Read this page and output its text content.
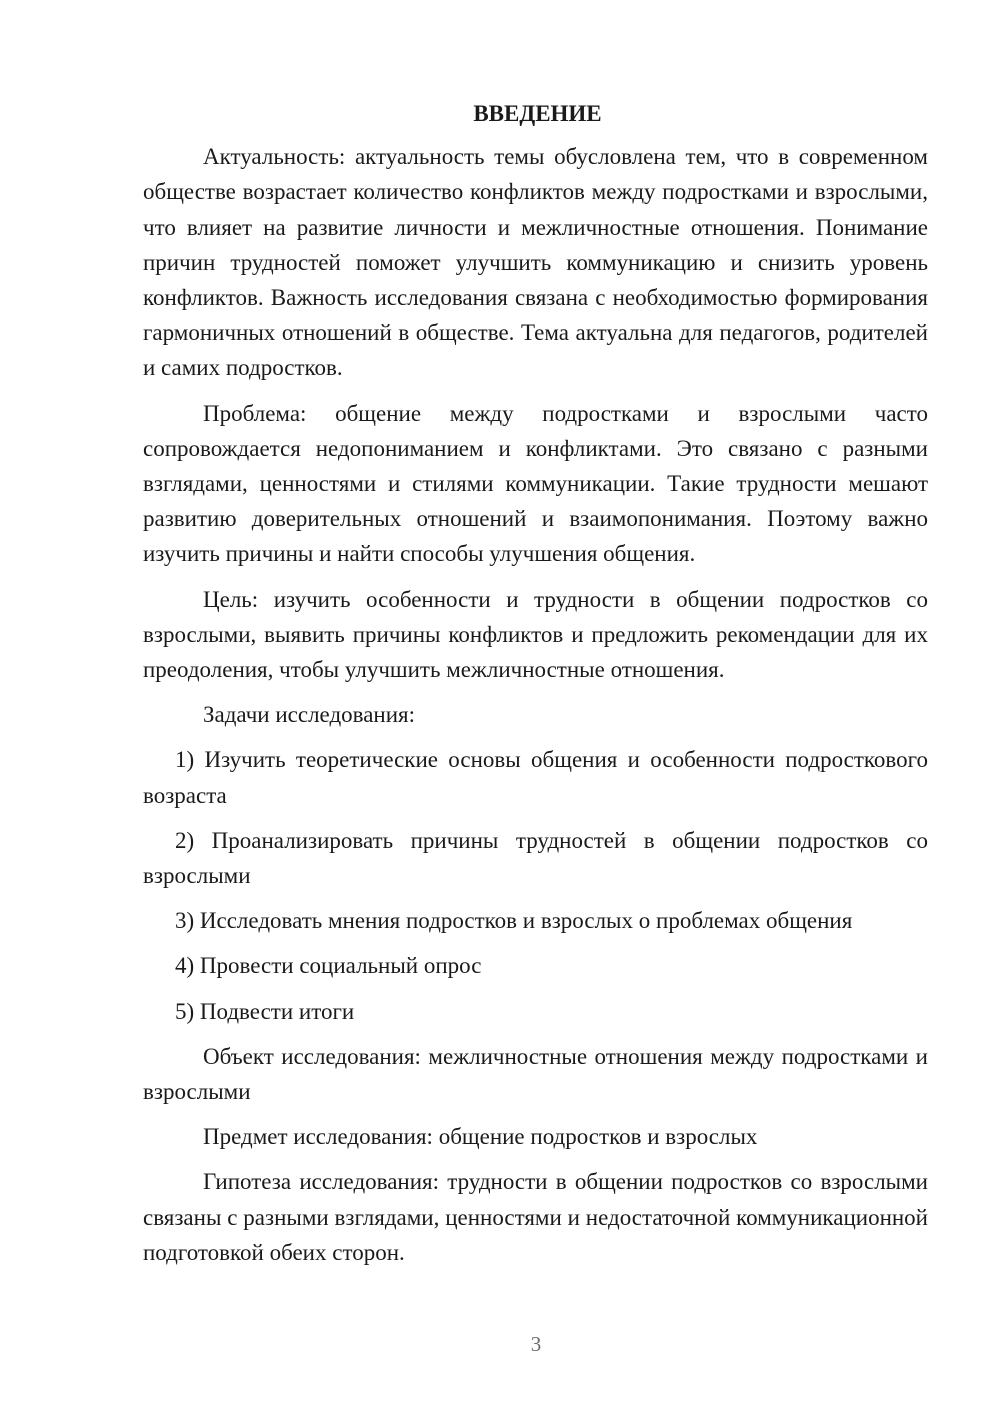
ВВЕДЕНИЕ

Актуальность: актуальность темы обусловлена тем, что в современном обществе возрастает количество конфликтов между подростками и взрослыми, что влияет на развитие личности и межличностные отношения. Понимание причин трудностей поможет улучшить коммуникацию и снизить уровень конфликтов. Важность исследования связана с необходимостью формирования гармоничных отношений в обществе. Тема актуальна для педагогов, родителей и самих подростков.

Проблема: общение между подростками и взрослыми часто сопровождается недопониманием и конфликтами. Это связано с разными взглядами, ценностями и стилями коммуникации. Такие трудности мешают развитию доверительных отношений и взаимопонимания. Поэтому важно изучить причины и найти способы улучшения общения.

Цель: изучить особенности и трудности в общении подростков со взрослыми, выявить причины конфликтов и предложить рекомендации для их преодоления, чтобы улучшить межличностные отношения.

Задачи исследования:

1) Изучить теоретические основы общения и особенности подросткового возраста

2) Проанализировать причины трудностей в общении подростков со взрослыми

3) Исследовать мнения подростков и взрослых о проблемах общения

4) Провести социальный опрос

5) Подвести итоги

Объект исследования: межличностные отношения между подростками и взрослыми

Предмет исследования: общение подростков и взрослых

Гипотеза исследования: трудности в общении подростков со взрослыми связаны с разными взглядами, ценностями и недостаточной коммуникационной подготовкой обеих сторон.

3
